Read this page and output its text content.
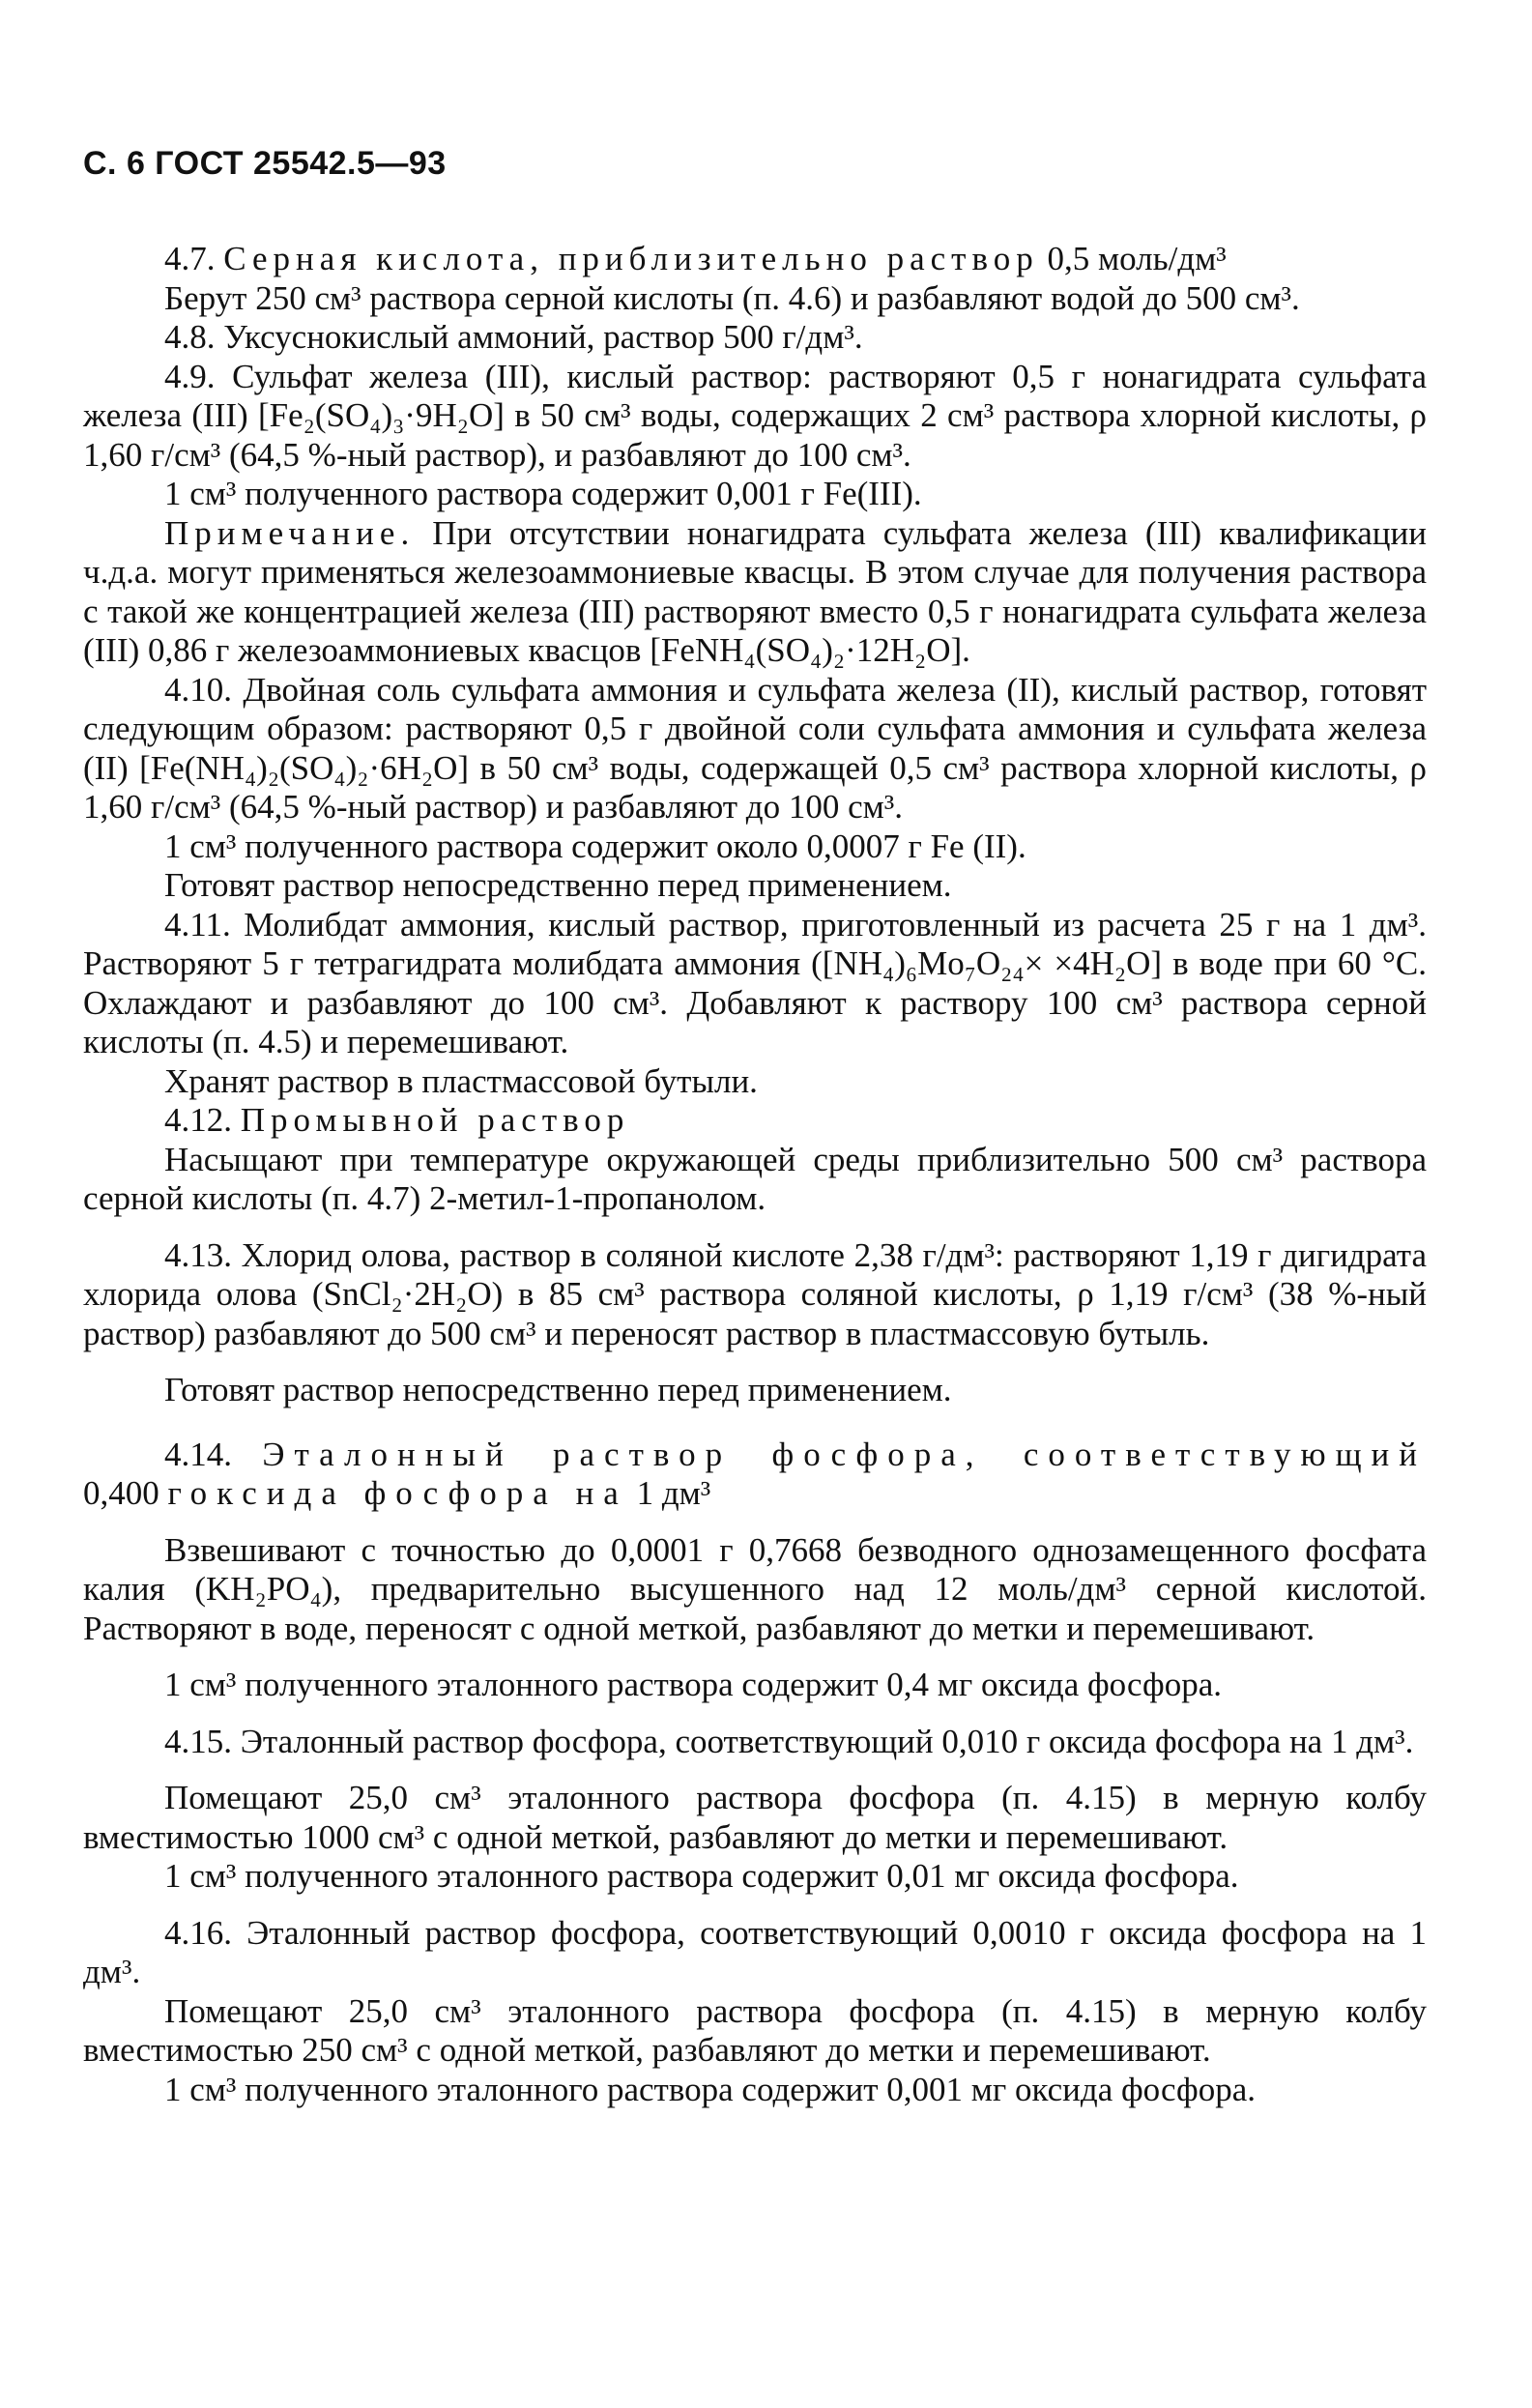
С. 6 ГОСТ 25542.5—93

4.7. Серная кислота, приблизительно раствор 0,5 моль/дм³

Берут 250 см³ раствора серной кислоты (п. 4.6) и разбавляют водой до 500 см³.

4.8. Уксуснокислый аммоний, раствор 500 г/дм³.

4.9. Сульфат железа (III), кислый раствор: растворяют 0,5 г нонагидрата сульфата железа (III) [Fe₂(SO₄)₃·9H₂O] в 50 см³ воды, содержащих 2 см³ раствора хлорной кислоты, ρ 1,60 г/см³ (64,5 %-ный раствор), и разбавляют до 100 см³.

1 см³ полученного раствора содержит 0,001 г Fe(III).

Примечание. При отсутствии нонагидрата сульфата железа (III) квалификации ч.д.а. могут применяться железоаммониевые квасцы. В этом случае для получения раствора с такой же концентрацией железа (III) растворяют вместо 0,5 г нонагидрата сульфата железа (III) 0,86 г железоаммониевых квасцов [FeNH₄(SO₄)₂·12H₂O].

4.10. Двойная соль сульфата аммония и сульфата железа (II), кислый раствор, готовят следующим образом: растворяют 0,5 г двойной соли сульфата аммония и сульфата железа (II) [Fe(NH₄)₂(SO₄)₂·6H₂O] в 50 см³ воды, содержащей 0,5 см³ раствора хлорной кислоты, ρ 1,60 г/см³ (64,5 %-ный раствор) и разбавляют до 100 см³.

1 см³ полученного раствора содержит около 0,0007 г Fe (II).

Готовят раствор непосредственно перед применением.

4.11. Молибдат аммония, кислый раствор, приготовленный из расчета 25 г на 1 дм³. Растворяют 5 г тетрагидрата молибдата аммония ([NH₄)₆Mo₇O₂₄× ×4H₂O] в воде при 60 °С. Охлаждают и разбавляют до 100 см³. Добавляют к раствору 100 см³ раствора серной кислоты (п. 4.5) и перемешивают.

Хранят раствор в пластмассовой бутыли.

4.12. Промывной раствор

Насыщают при температуре окружающей среды приблизительно 500 см³ раствора серной кислоты (п. 4.7) 2-метил-1-пропанолом.

4.13. Хлорид олова, раствор в соляной кислоте 2,38 г/дм³: растворяют 1,19 г дигидрата хлорида олова (SnCl₂·2H₂O) в 85 см³ раствора соляной кислоты, ρ 1,19 г/см³ (38 %-ный раствор) разбавляют до 500 см³ и переносят раствор в пластмассовую бутыль.

Готовят раствор непосредственно перед применением.

4.14. Эталонный раствор фосфора, соответствующий
0,400 г оксида фосфора на 1 дм³

Взвешивают с точностью до 0,0001 г 0,7668 безводного однозамещенного фосфата калия (KH₂PO₄), предварительно высушенного над 12 моль/дм³ серной кислотой. Растворяют в воде, переносят с одной меткой, разбавляют до метки и перемешивают.

1 см³ полученного эталонного раствора содержит 0,4 мг оксида фосфора.

4.15. Эталонный раствор фосфора, соответствующий 0,010 г оксида фосфора на 1 дм³.

Помещают 25,0 см³ эталонного раствора фосфора (п. 4.15) в мерную колбу вместимостью 1000 см³ с одной меткой, разбавляют до метки и перемешивают.

1 см³ полученного эталонного раствора содержит 0,01 мг оксида фосфора.

4.16. Эталонный раствор фосфора, соответствующий 0,0010 г оксида фосфора на 1 дм³.

Помещают 25,0 см³ эталонного раствора фосфора (п. 4.15) в мерную колбу вместимостью 250 см³ с одной меткой, разбавляют до метки и перемешивают.

1 см³ полученного эталонного раствора содержит 0,001 мг оксида фосфора.
